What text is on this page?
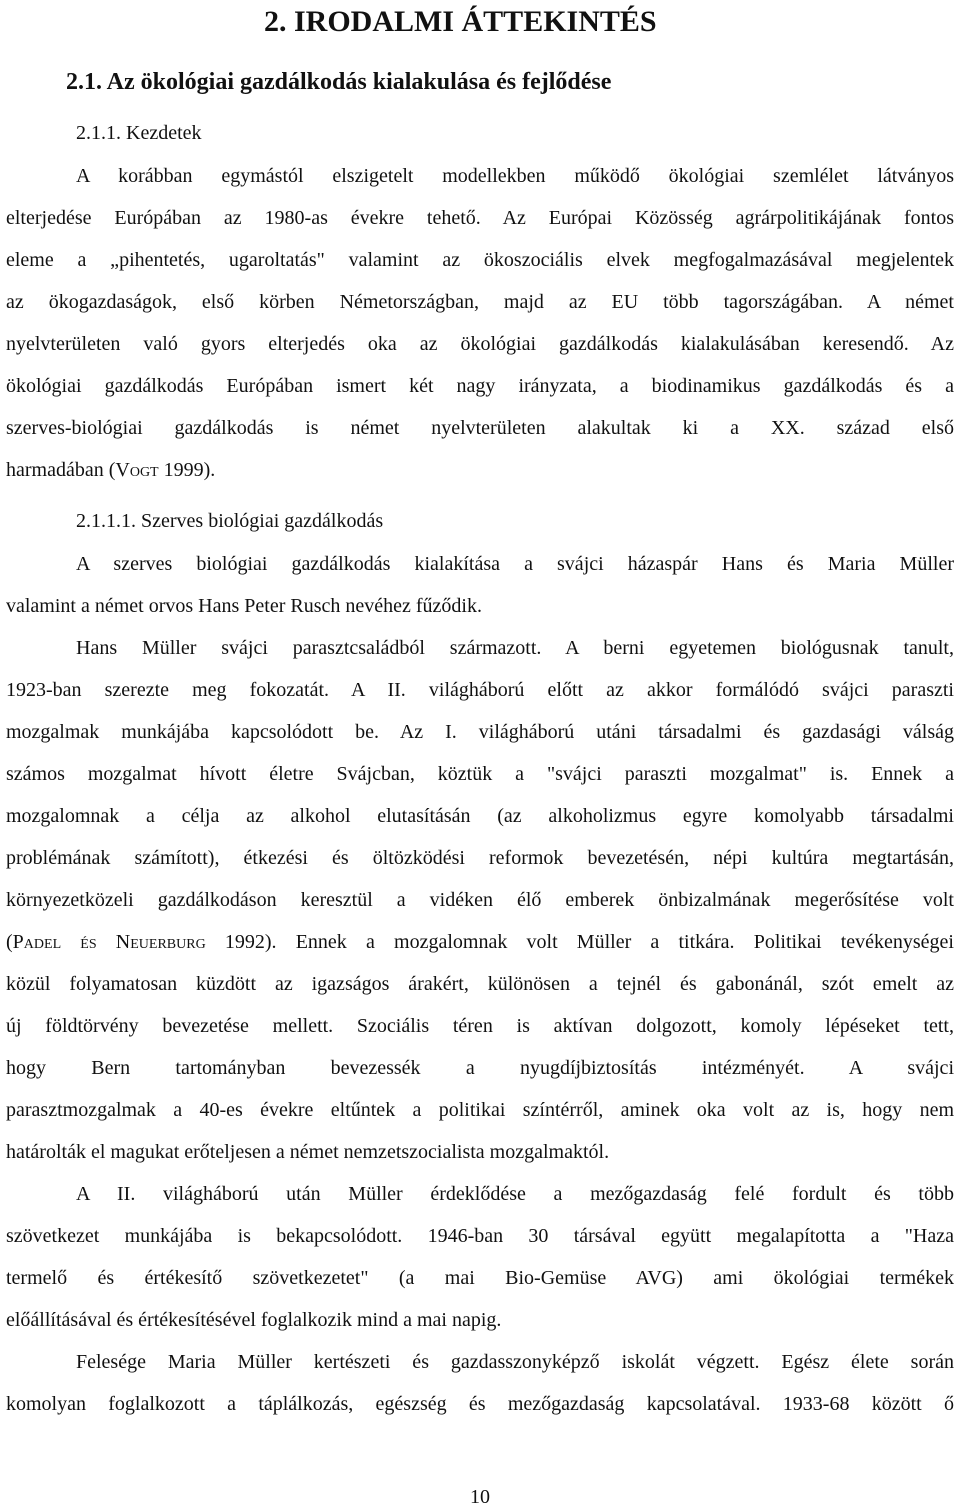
2. IRODALMI ÁTTEKINTÉS
2.1. Az ökológiai gazdálkodás kialakulása és fejlődése
2.1.1. Kezdetek
A korábban egymástól elszigetelt modellekben működő ökológiai szemlélet látványos
elterjedése Európában az 1980-as évekre tehető. Az Európai Közösség agrárpolitikájának fontos
eleme a „pihentetés, ugaroltatás" valamint az ökoszociális elvek megfogalmazásával megjelentek
az ökogazdaságok, első körben Németországban, majd az EU több tagországában. A német
nyelvterületen való gyors elterjedés oka az ökológiai gazdálkodás kialakulásában keresendő. Az
ökológiai gazdálkodás Európában ismert két nagy irányzata, a biodinamikus gazdálkodás és a
szerves-biológiai gazdálkodás is német nyelvterületen alakultak ki a XX. század első
harmadában (Vogt 1999).
2.1.1.1. Szerves biológiai gazdálkodás
A szerves biológiai gazdálkodás kialakítása a svájci házaspár Hans és Maria Müller
valamint a német orvos Hans Peter Rusch nevéhez fűződik.
Hans Müller svájci parasztcsaládból származott. A berni egyetemen biológusnak tanult,
1923-ban szerezte meg fokozatát. A II. világháború előtt az akkor formálódó svájci paraszti
mozgalmak munkájába kapcsolódott be. Az I. világháború utáni társadalmi és gazdasági válság
számos mozgalmat hívott életre Svájcban, köztük a "svájci paraszti mozgalmat" is. Ennek a
mozgalomnak a célja az alkohol elutasításán (az alkoholizmus egyre komolyabb társadalmi
problémának számított), étkezési és öltözködési reformok bevezetésén, népi kultúra megtartásán,
környezetközeli gazdálkodáson keresztül a vidéken élő emberek önbizalmának megerősítése volt
(Padel és Neuerburg 1992). Ennek a mozgalomnak volt Müller a titkára. Politikai tevékenységei
közül folyamatosan küzdött az igazságos árakért, különösen a tejnél és gabonánál, szót emelt az
új földtörvény bevezetése mellett. Szociális téren is aktívan dolgozott, komoly lépéseket tett,
hogy Bern tartományban bevezessék a nyugdíjbiztosítás intézményét. A svájci
parasztmozgalmak a 40-es évekre eltűntek a politikai színtérről, aminek oka volt az is, hogy nem
határolták el magukat erőteljesen a német nemzetszocialista mozgalmaktól.
A II. világháború után Müller érdeklődése a mezőgazdaság felé fordult és több
szövetkezet munkájába is bekapcsolódott. 1946-ban 30 társával együtt megalapította a "Haza
termelő és értékesítő szövetkezetet" (a mai Bio-Gemüse AVG) ami ökológiai termékek
előállításával és értékesítésével foglalkozik mind a mai napig.
Felesége Maria Müller kertészeti és gazdasszonyképző iskolát végzett. Egész élete során
komolyan foglalkozott a táplálkozás, egészség és mezőgazdaság kapcsolatával. 1933-68 között ő
10
